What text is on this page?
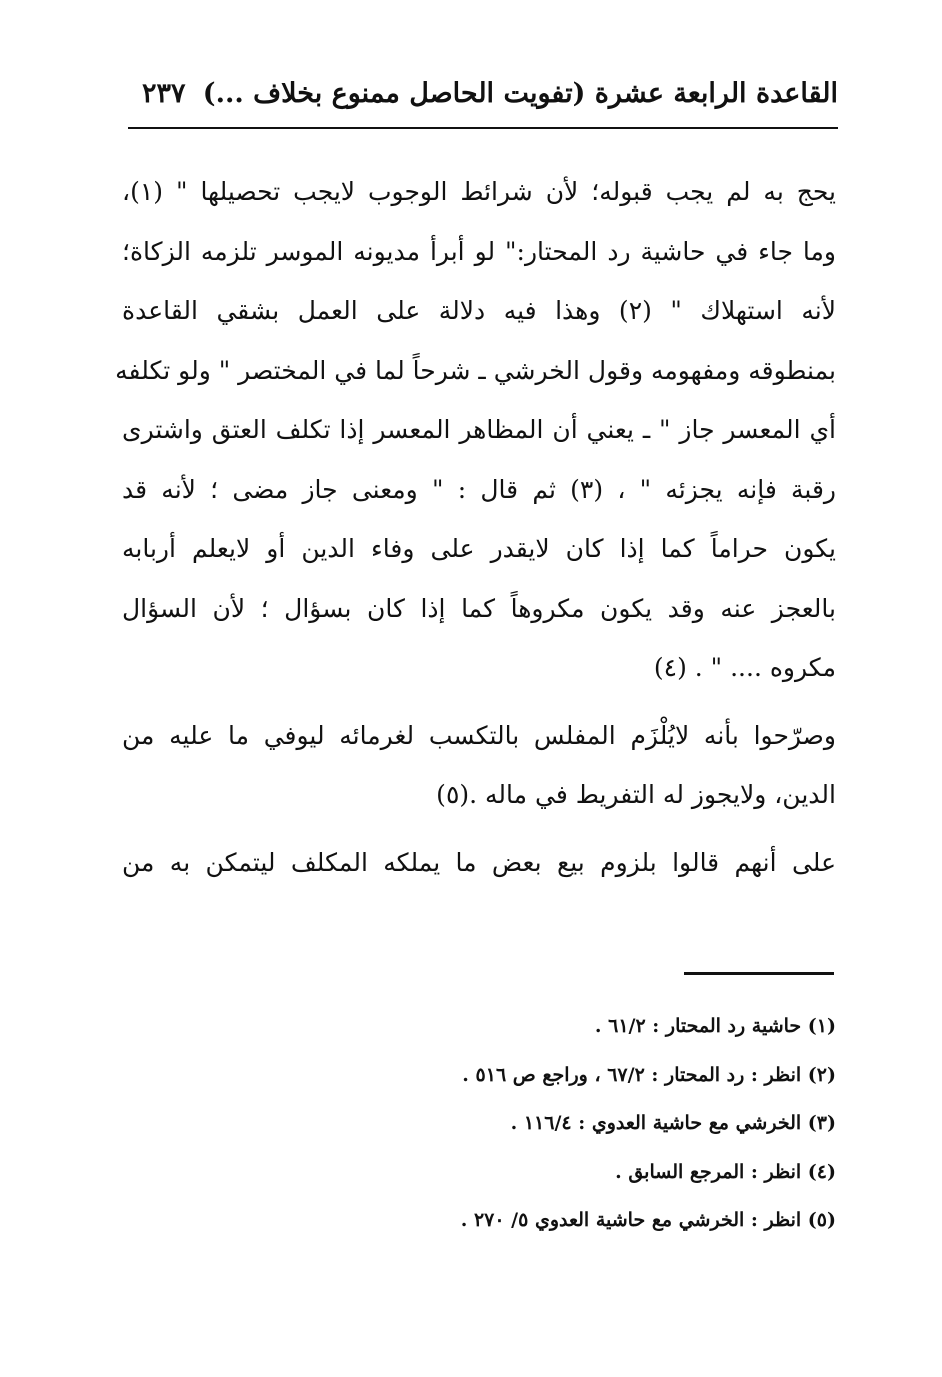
القاعدة الرابعة عشرة (تفويت الحاصل ممنوع بخلاف ...)
٢٣٧

يحج به لم يجب قبوله؛ لأن شرائط الوجوب لايجب تحصيلها " (١)،
وما جاء في حاشية رد المحتار:" لو أبرأ مديونه الموسر تلزمه الزكاة؛
لأنه استهلاك " (٢) وهذا فيه دلالة على العمل بشقي القاعدة
بمنطوقه ومفهومه وقول الخرشي ـ شرحاً لما في المختصر " ولو تكلفه
أي المعسر جاز " ـ يعني أن المظاهر المعسر إذا تكلف العتق واشترى
رقبة فإنه يجزئه " ، (٣) ثم قال : " ومعنى جاز مضى ؛ لأنه قد
يكون حراماً كما إذا كان لايقدر على وفاء الدين أو لايعلم أربابه
بالعجز عنه وقد يكون مكروهاً كما إذا كان بسؤال ؛ لأن السؤال
مكروه .... " . (٤)

وصرّحوا بأنه لايُلْزَم المفلس بالتكسب لغرمائه ليوفي ما عليه من
الدين، ولايجوز له التفريط في ماله .(٥)

على أنهم قالوا بلزوم بيع بعض ما يملكه المكلف ليتمكن به من

(١) حاشية رد المحتار : ٦١/٢ .
(٢) انظر : رد المحتار : ٦٧/٢ ، وراجع ص ٥١٦ .
(٣) الخرشي مع حاشية العدوي : ١١٦/٤ .
(٤) انظر : المرجع السابق .
(٥) انظر : الخرشي مع حاشية العدوي ٥/ ٢٧٠ .
